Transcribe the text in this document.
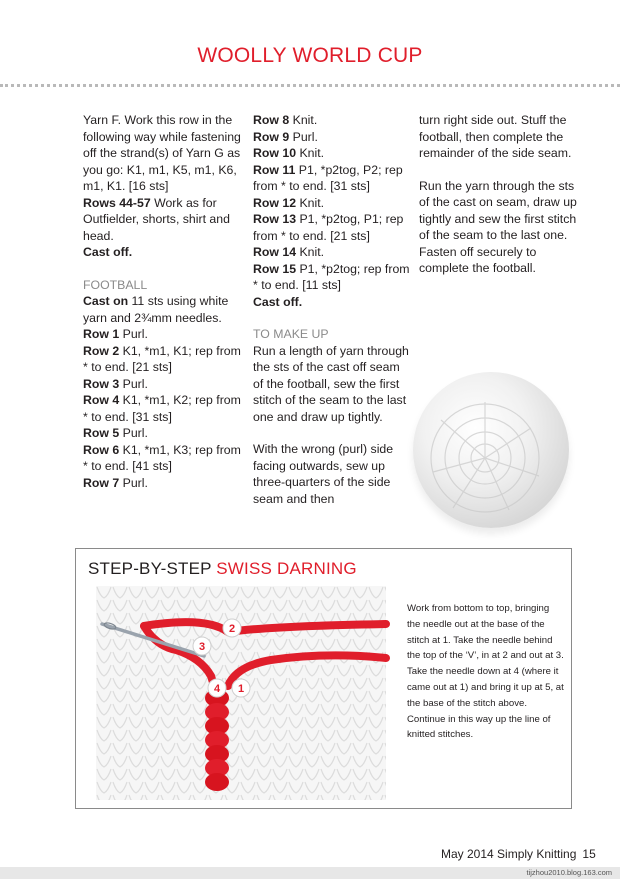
WOOLLY WORLD CUP

Yarn F. Work this row in the following way while fastening off the strand(s) of Yarn G as you go: K1, m1, K5, m1, K6, m1, K1. [16 sts]

Rows 44-57 Work as for Outfielder, shorts, shirt and head.

Cast off.

FOOTBALL

Cast on 11 sts using white yarn and 2¾mm needles.

Row 1 Purl.

Row 2 K1, *m1, K1; rep from * to end. [21 sts]

Row 3 Purl.

Row 4 K1, *m1, K2; rep from * to end. [31 sts]

Row 5 Purl.

Row 6 K1, *m1, K3; rep from * to end. [41 sts]

Row 7 Purl.

Row 8 Knit.

Row 9 Purl.

Row 10 Knit.

Row 11 P1, *p2tog, P2; rep from * to end. [31 sts]

Row 12 Knit.

Row 13 P1, *p2tog, P1; rep from * to end. [21 sts]

Row 14 Knit.

Row 15 P1, *p2tog; rep from * to end. [11 sts]

Cast off.

TO MAKE UP

Run a length of yarn through the sts of the cast off seam of the football, sew the first stitch of the seam to the last one and draw up tightly.

With the wrong (purl) side facing outwards, sew up three-quarters of the side seam and then

turn right side out. Stuff the football, then complete the remainder of the side seam.

Run the yarn through the sts of the cast on seam, draw up tightly and sew the first stitch of the seam to the last one. Fasten off securely to complete the football.

STEP-BY-STEP SWISS DARNING
2
3
4 1
Work from bottom to top, bringing the needle out at the base of the stitch at 1. Take the needle behind the top of the ‘V’, in at 2 and out at 3. Take the needle down at 4 (where it came out at 1) and bring it up at 5, at the base of the stitch above. Continue in this way up the line of knitted stitches.
May 2014 Simply Knitting 15
tijzhou2010.blog.163.com
